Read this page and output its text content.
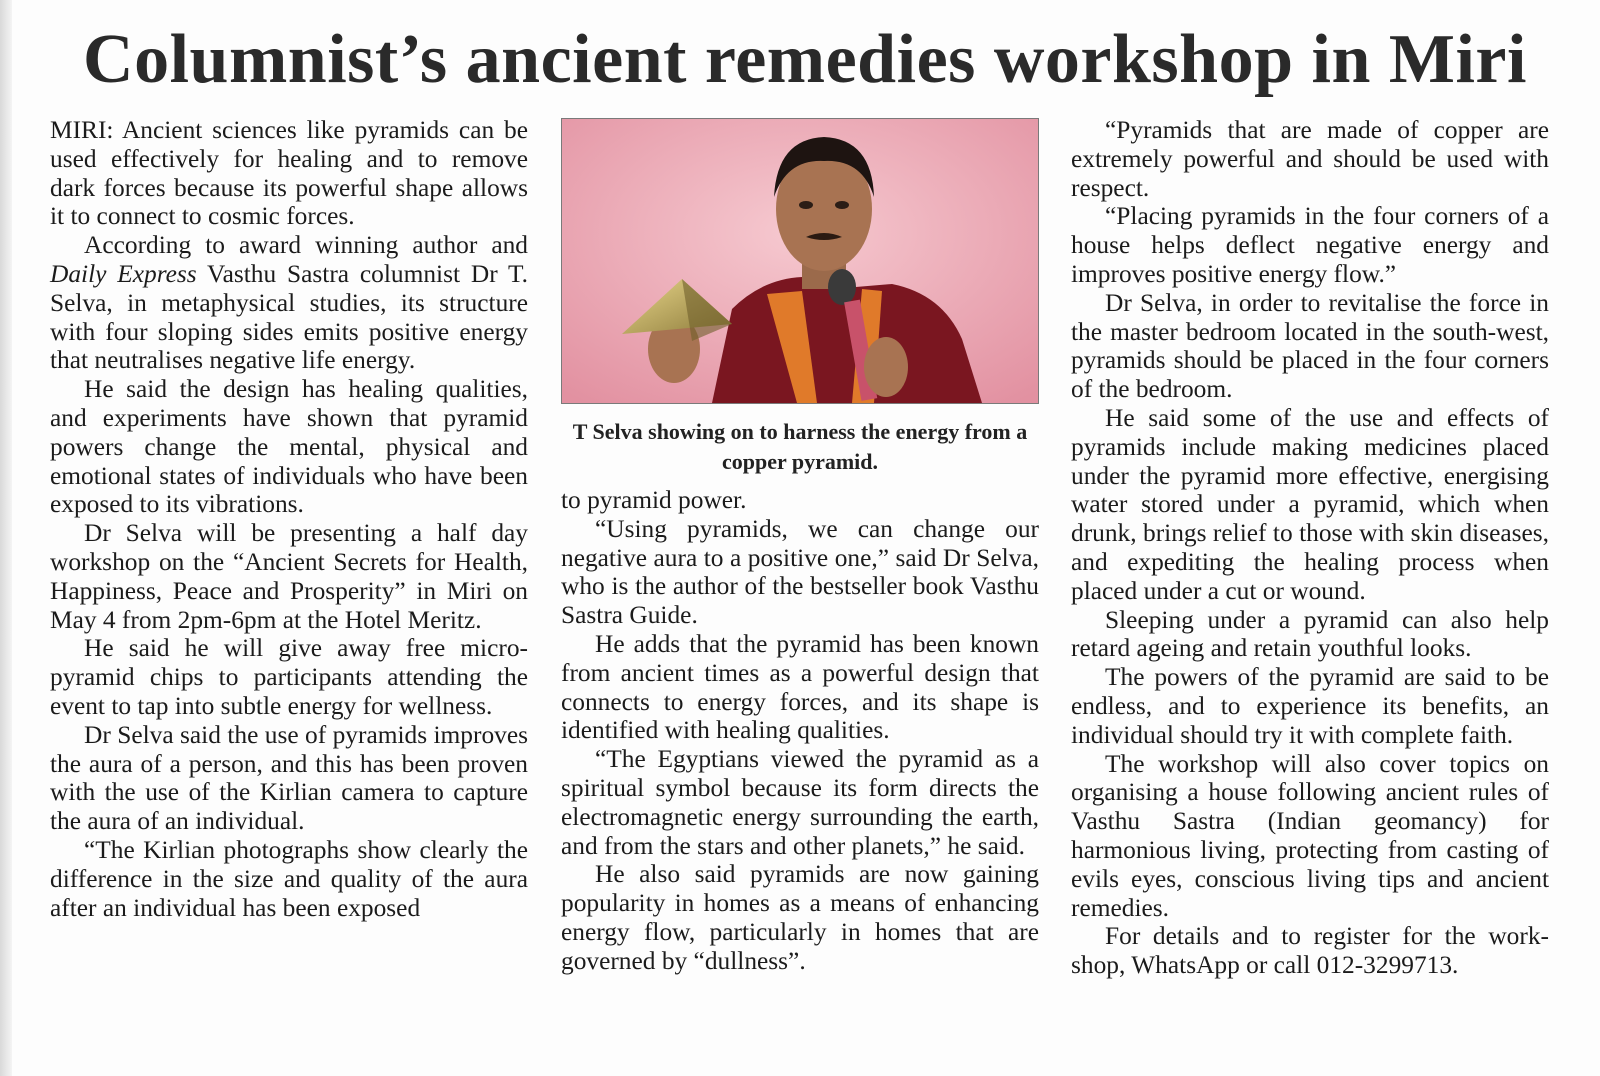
Columnist’s ancient remedies workshop in Miri

MIRI: Ancient sciences like pyramids can be used effectively for healing and to remove dark forces because its powerful shape allows it to connect to cosmic forces.

According to award winning author and Daily Express Vasthu Sastra columnist Dr T. Selva, in metaphysical studies, its structure with four sloping sides emits positive energy that neutralises negative life energy.

He said the design has healing qualities, and experiments have shown that pyramid powers change the mental, physical and emotional states of individuals who have been exposed to its vibrations.

Dr Selva will be presenting a half day workshop on the “Ancient Secrets for Health, Happiness, Peace and Prosperity” in Miri on May 4 from 2pm-6pm at the Hotel Meritz.

He said he will give away free micro-pyramid chips to participants attending the event to tap into subtle energy for wellness.

Dr Selva said the use of pyramids improves the aura of a person, and this has been proven with the use of the Kirlian camera to capture the aura of an individual.

“The Kirlian photographs show clearly the difference in the size and quality of the aura after an individual has been exposed

T Selva showing on to harness the energy from a copper pyramid.

to pyramid power.

“Using pyramids, we can change our negative aura to a positive one,” said Dr Selva, who is the author of the bestseller book Vasthu Sastra Guide.

He adds that the pyramid has been known from ancient times as a powerful design that connects to energy forces, and its shape is identified with healing qualities.

“The Egyptians viewed the pyramid as a spiritual symbol because its form directs the electromagnetic energy surrounding the earth, and from the stars and other planets,” he said.

He also said pyramids are now gaining popularity in homes as a means of enhancing energy flow, particularly in homes that are governed by “dullness”.

“Pyramids that are made of copper are extremely powerful and should be used with respect.

“Placing pyramids in the four corners of a house helps deflect negative energy and improves positive energy flow.”

Dr Selva, in order to revitalise the force in the master bedroom located in the south-west, pyramids should be placed in the four corners of the bedroom.

He said some of the use and effects of pyramids include making medicines placed under the pyramid more effective, energising water stored under a pyramid, which when drunk, brings relief to those with skin diseases, and expediting the healing process when placed under a cut or wound.

Sleeping under a pyramid can also help retard ageing and retain youthful looks.

The powers of the pyramid are said to be endless, and to experience its benefits, an individual should try it with complete faith.

The workshop will also cover topics on organising a house following ancient rules of Vasthu Sastra (Indian geomancy) for harmonious living, protecting from casting of evils eyes, conscious living tips and ancient remedies.

For details and to register for the workshop, WhatsApp or call 012-3299713.
